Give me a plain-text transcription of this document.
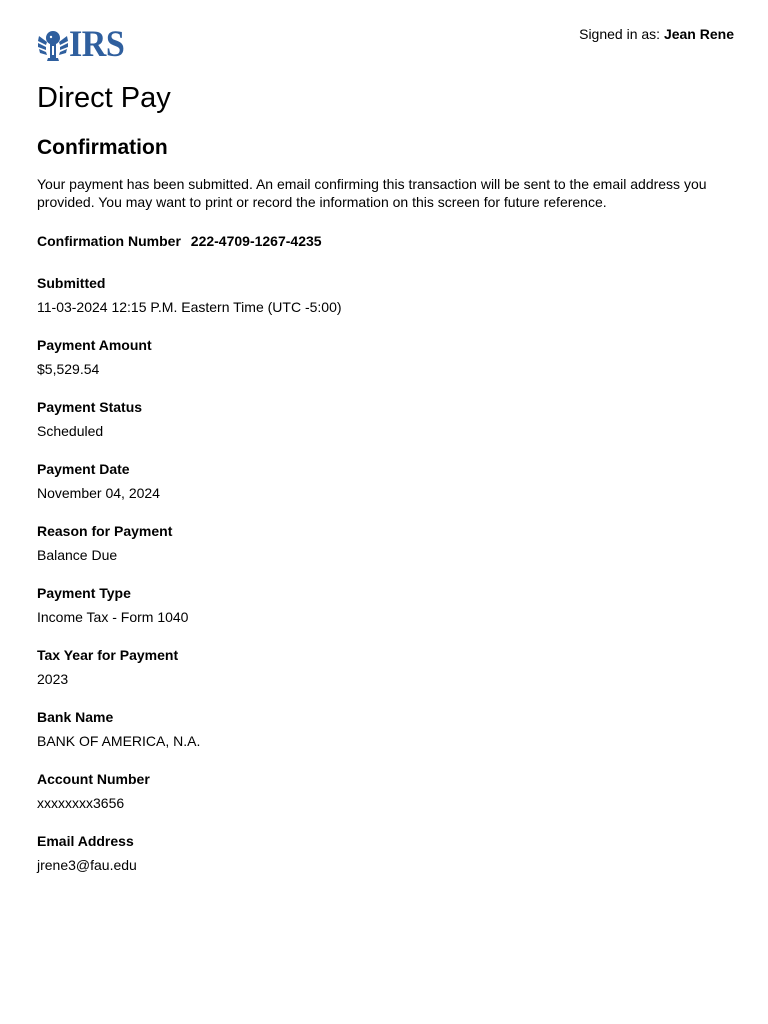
IRS	Signed in as: Jean Rene
Direct Pay
Confirmation

Your payment has been submitted. An email confirming this transaction will be sent to the email address you provided. You may want to print or record the information on this screen for future reference.

Confirmation Number 222-4709-1267-4235
Submitted
11-03-2024 12:15 P.M. Eastern Time (UTC -5:00)
Payment Amount
$5,529.54
Payment Status
Scheduled
Payment Date
November 04, 2024
Reason for Payment
Balance Due
Payment Type
Income Tax - Form 1040
Tax Year for Payment
2023
Bank Name
BANK OF AMERICA, N.A.
Account Number
xxxxxxxx3656
Email Address
jrene3@fau.edu
